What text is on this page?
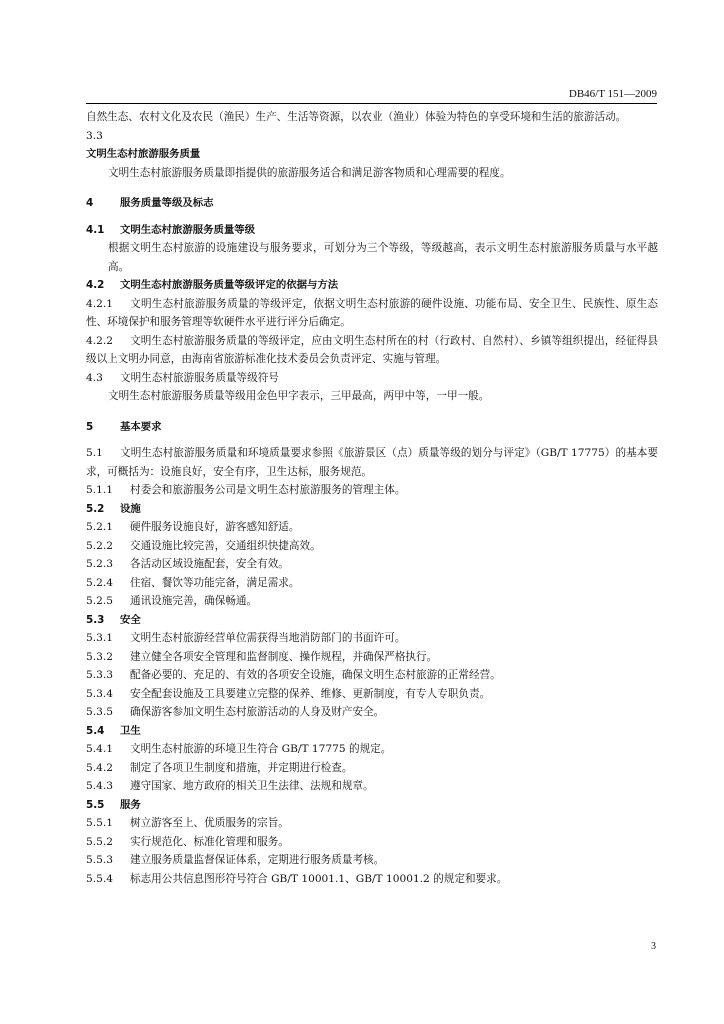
DB46/T 151—2009

自然生态、农村文化及农民（渔民）生产、生活等资源，以农业（渔业）体验为特色的享受环境和生活的旅游活动。

3.3

文明生态村旅游服务质量

文明生态村旅游服务质量即指提供的旅游服务适合和满足游客物质和心理需要的程度。

4	服务质量等级及标志

4.1 文明生态村旅游服务质量等级

根据文明生态村旅游的设施建设与服务要求，可划分为三个等级，等级越高，表示文明生态村旅游服务质量与水平越高。

4.2 文明生态村旅游服务质量等级评定的依据与方法

4.2.1 文明生态村旅游服务质量的等级评定，依据文明生态村旅游的硬件设施、功能布局、安全卫生、民族性、原生态性、环境保护和服务管理等软硬件水平进行评分后确定。

4.2.2 文明生态村旅游服务质量的等级评定，应由文明生态村所在的村（行政村、自然村）、乡镇等组织提出，经征得县级以上文明办同意，由海南省旅游标准化技术委员会负责评定、实施与管理。

4.3 文明生态村旅游服务质量等级符号

文明生态村旅游服务质量等级用金色甲字表示，三甲最高，两甲中等，一甲一般。

5	基本要求

5.1 文明生态村旅游服务质量和环境质量要求参照《旅游景区（点）质量等级的划分与评定》（GB/T 17775）的基本要求，可概括为：设施良好，安全有序，卫生达标，服务规范。

5.1.1 村委会和旅游服务公司是文明生态村旅游服务的管理主体。

5.2 设施

5.2.1 硬件服务设施良好，游客感知舒适。

5.2.2 交通设施比较完善，交通组织快捷高效。

5.2.3 各活动区域设施配套，安全有效。

5.2.4 住宿、餐饮等功能完备，满足需求。

5.2.5 通讯设施完善，确保畅通。

5.3 安全

5.3.1 文明生态村旅游经营单位需获得当地消防部门的书面许可。

5.3.2 建立健全各项安全管理和监督制度、操作规程，并确保严格执行。

5.3.3 配备必要的、充足的、有效的各项安全设施，确保文明生态村旅游的正常经营。

5.3.4 安全配套设施及工具要建立完整的保养、维修、更新制度，有专人专职负责。

5.3.5 确保游客参加文明生态村旅游活动的人身及财产安全。

5.4 卫生

5.4.1 文明生态村旅游的环境卫生符合 GB/T 17775 的规定。

5.4.2 制定了各项卫生制度和措施，并定期进行检查。

5.4.3 遵守国家、地方政府的相关卫生法律、法规和规章。

5.5 服务

5.5.1 树立游客至上、优质服务的宗旨。

5.5.2 实行规范化、标准化管理和服务。

5.5.3 建立服务质量监督保证体系，定期进行服务质量考核。

5.5.4 标志用公共信息图形符号符合 GB/T 10001.1、GB/T 10001.2 的规定和要求。

3
